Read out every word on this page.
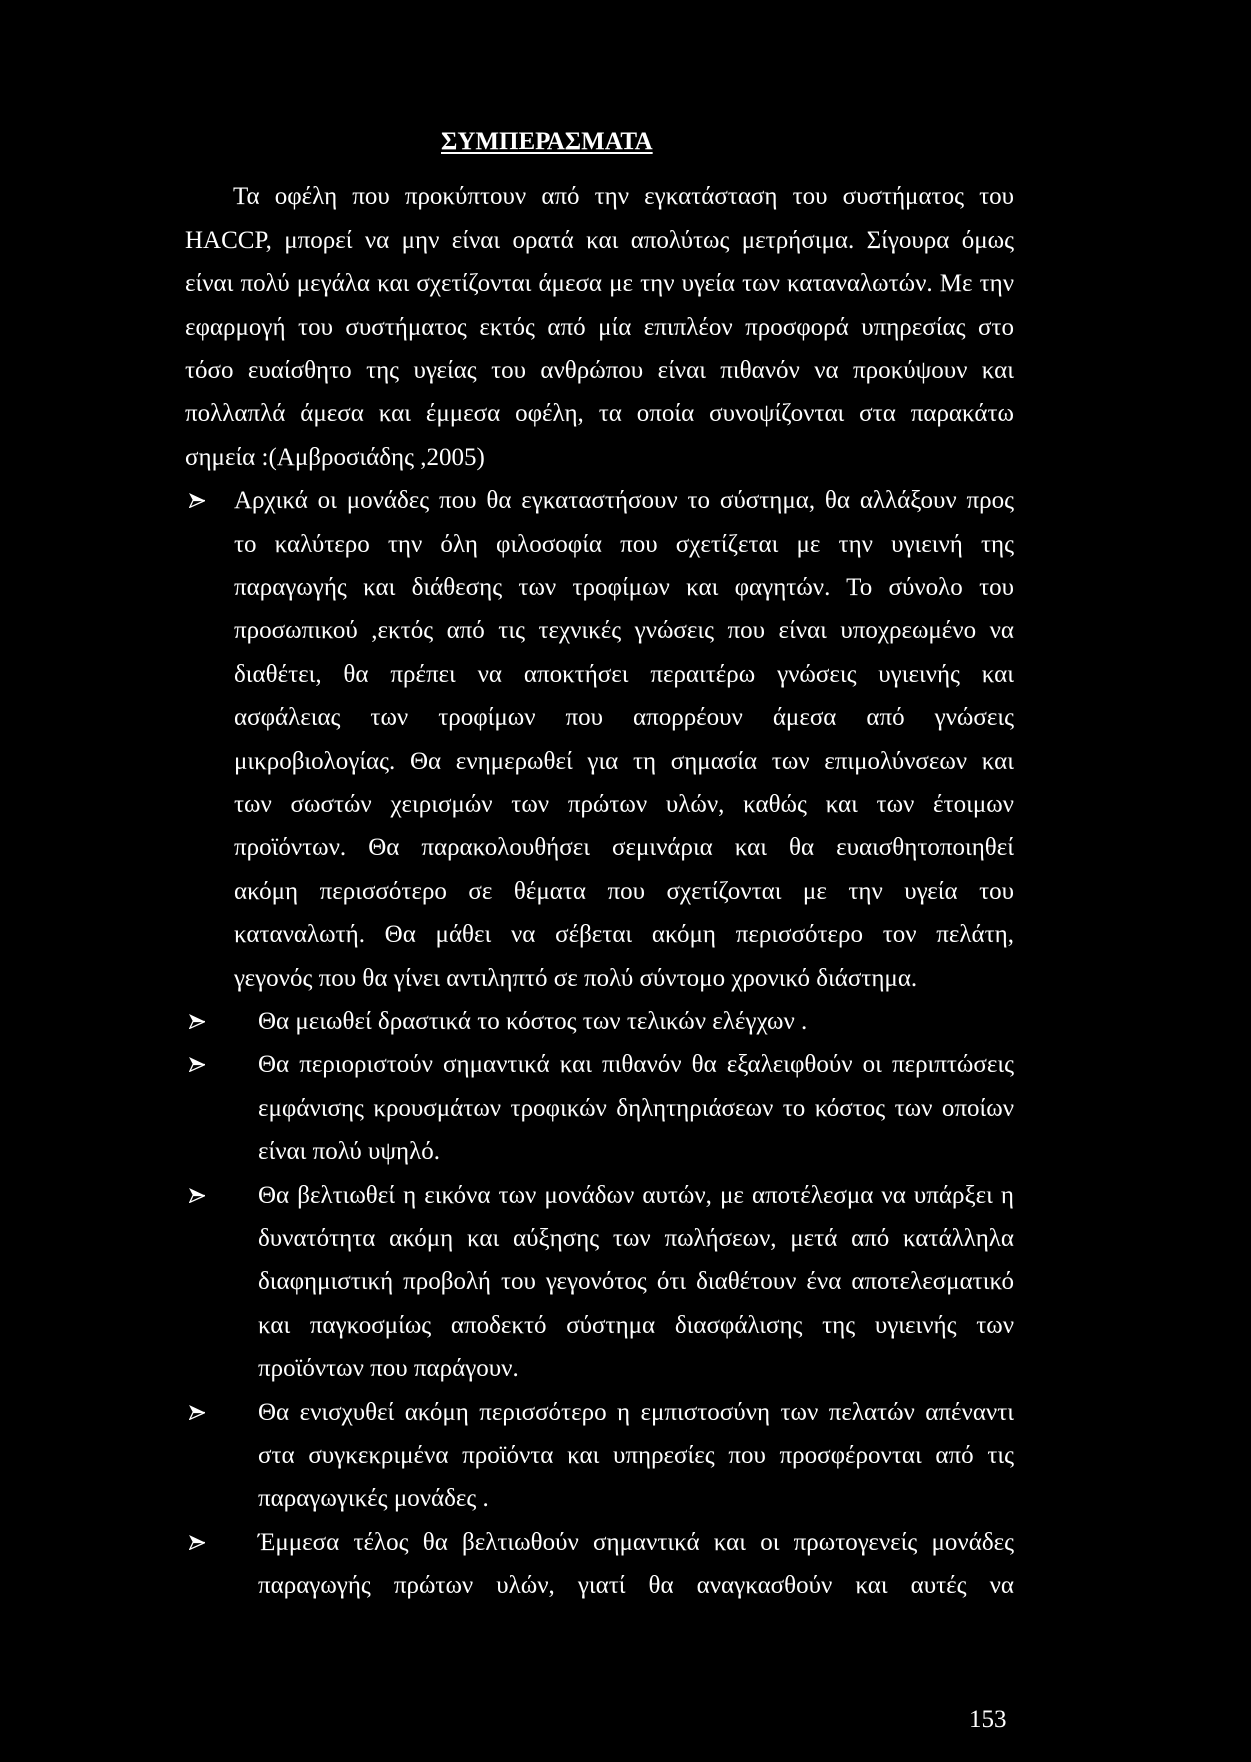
ΣΥΜΠΕΡΑΣΜΑΤΑ
Τα οφέλη που προκύπτουν από την εγκατάσταση του συστήματος του
HACCP, μπορεί να μην είναι ορατά και απολύτως μετρήσιμα. Σίγουρα όμως
είναι πολύ μεγάλα και σχετίζονται άμεσα με την υγεία των καταναλωτών. Με την
εφαρμογή του συστήματος εκτός από μία επιπλέον προσφορά υπηρεσίας στο
τόσο ευαίσθητο της υγείας του ανθρώπου είναι πιθανόν να προκύψουν και
πολλαπλά άμεσα και έμμεσα οφέλη, τα οποία συνοψίζονται στα παρακάτω
σημεία :(Αμβροσιάδης ,2005)
Αρχικά οι μονάδες που θα εγκαταστήσουν το σύστημα, θα αλλάξουν προς
το καλύτερο την όλη φιλοσοφία που σχετίζεται με την υγιεινή της
παραγωγής και διάθεσης των τροφίμων και φαγητών. Το σύνολο του
προσωπικού ,εκτός από τις τεχνικές γνώσεις που είναι υποχρεωμένο να
διαθέτει, θα πρέπει να αποκτήσει περαιτέρω γνώσεις υγιεινής και
ασφάλειας των τροφίμων που απορρέουν άμεσα από γνώσεις
μικροβιολογίας. Θα ενημερωθεί για τη σημασία των επιμολύνσεων και
των σωστών χειρισμών των πρώτων υλών, καθώς και των έτοιμων
προϊόντων. Θα παρακολουθήσει σεμινάρια και θα ευαισθητοποιηθεί
ακόμη περισσότερο σε θέματα που σχετίζονται με την υγεία του
καταναλωτή. Θα μάθει να σέβεται ακόμη περισσότερο τον πελάτη,
γεγονός που θα γίνει αντιληπτό σε πολύ σύντομο χρονικό διάστημα.
Θα μειωθεί δραστικά το κόστος των τελικών ελέγχων .
Θα περιοριστούν σημαντικά και πιθανόν θα εξαλειφθούν οι περιπτώσεις
εμφάνισης κρουσμάτων τροφικών δηλητηριάσεων το κόστος των οποίων
είναι πολύ υψηλό.
Θα βελτιωθεί η εικόνα των μονάδων αυτών, με αποτέλεσμα να υπάρξει η
δυνατότητα ακόμη και αύξησης των πωλήσεων, μετά από κατάλληλα
διαφημιστική προβολή του γεγονότος ότι διαθέτουν ένα αποτελεσματικό
και παγκοσμίως αποδεκτό σύστημα διασφάλισης της υγιεινής των
προϊόντων που παράγουν.
Θα ενισχυθεί ακόμη περισσότερο η εμπιστοσύνη των πελατών απέναντι
στα συγκεκριμένα προϊόντα και υπηρεσίες που προσφέρονται από τις
παραγωγικές μονάδες .
Έμμεσα τέλος θα βελτιωθούν σημαντικά και οι πρωτογενείς μονάδες
παραγωγής πρώτων υλών, γιατί θα αναγκασθούν και αυτές να
153
